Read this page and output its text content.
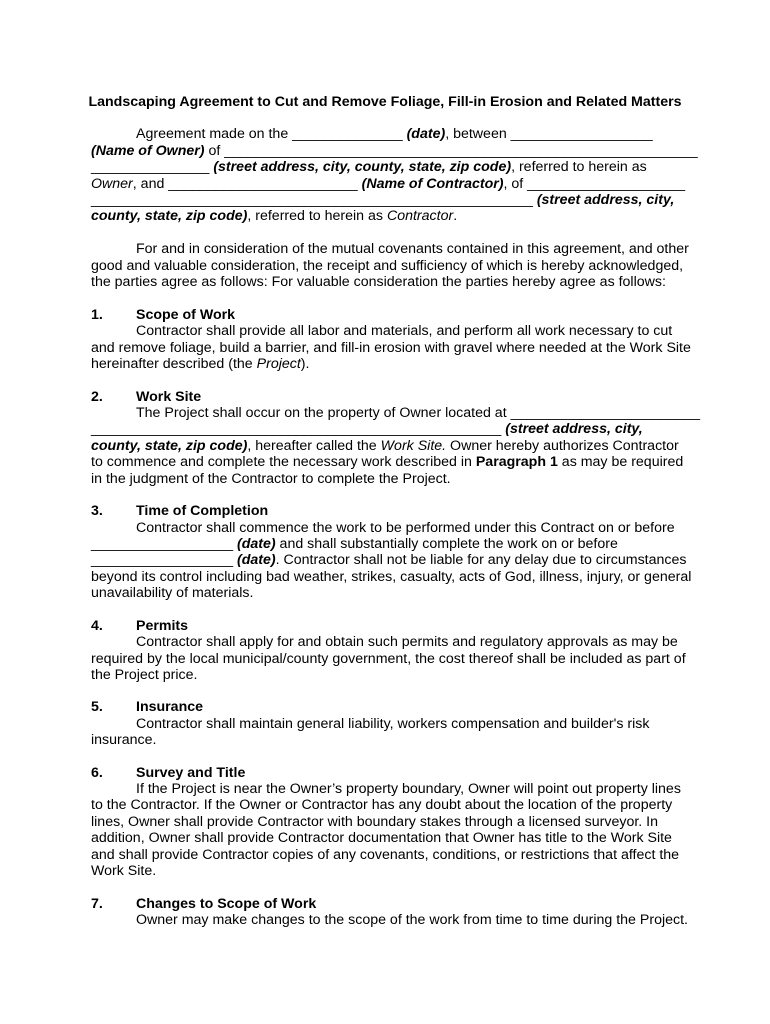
Landscaping Agreement to Cut and Remove Foliage, Fill-in Erosion and Related Matters
Agreement made on the ______________ (date), between __________________
(Name of Owner) of ____________________________________________________________
_______________ (street address, city, county, state, zip code), referred to herein as
Owner, and ________________________ (Name of Contractor), of ____________________
________________________________________________________ (street address, city,
county, state, zip code), referred to herein as Contractor.
For and in consideration of the mutual covenants contained in this agreement, and other
good and valuable consideration, the receipt and sufficiency of which is hereby acknowledged,
the parties agree as follows: For valuable consideration the parties hereby agree as follows:
1. Scope of Work
Contractor shall provide all labor and materials, and perform all work necessary to cut
and remove foliage, build a barrier, and fill-in erosion with gravel where needed at the Work Site
hereinafter described (the Project).
2. Work Site
The Project shall occur on the property of Owner located at ________________________
____________________________________________________ (street address, city,
county, state, zip code), hereafter called the Work Site. Owner hereby authorizes Contractor
to commence and complete the necessary work described in Paragraph 1 as may be required
in the judgment of the Contractor to complete the Project.
3. Time of Completion
Contractor shall commence the work to be performed under this Contract on or before
__________________ (date) and shall substantially complete the work on or before
__________________ (date). Contractor shall not be liable for any delay due to circumstances
beyond its control including bad weather, strikes, casualty, acts of God, illness, injury, or general
unavailability of materials.
4. Permits
Contractor shall apply for and obtain such permits and regulatory approvals as may be
required by the local municipal/county government, the cost thereof shall be included as part of
the Project price.
5. Insurance
Contractor shall maintain general liability, workers compensation and builder's risk
insurance.
6. Survey and Title
If the Project is near the Owner’s property boundary, Owner will point out property lines
to the Contractor. If the Owner or Contractor has any doubt about the location of the property
lines, Owner shall provide Contractor with boundary stakes through a licensed surveyor. In
addition, Owner shall provide Contractor documentation that Owner has title to the Work Site
and shall provide Contractor copies of any covenants, conditions, or restrictions that affect the
Work Site.
7. Changes to Scope of Work
Owner may make changes to the scope of the work from time to time during the Project.
